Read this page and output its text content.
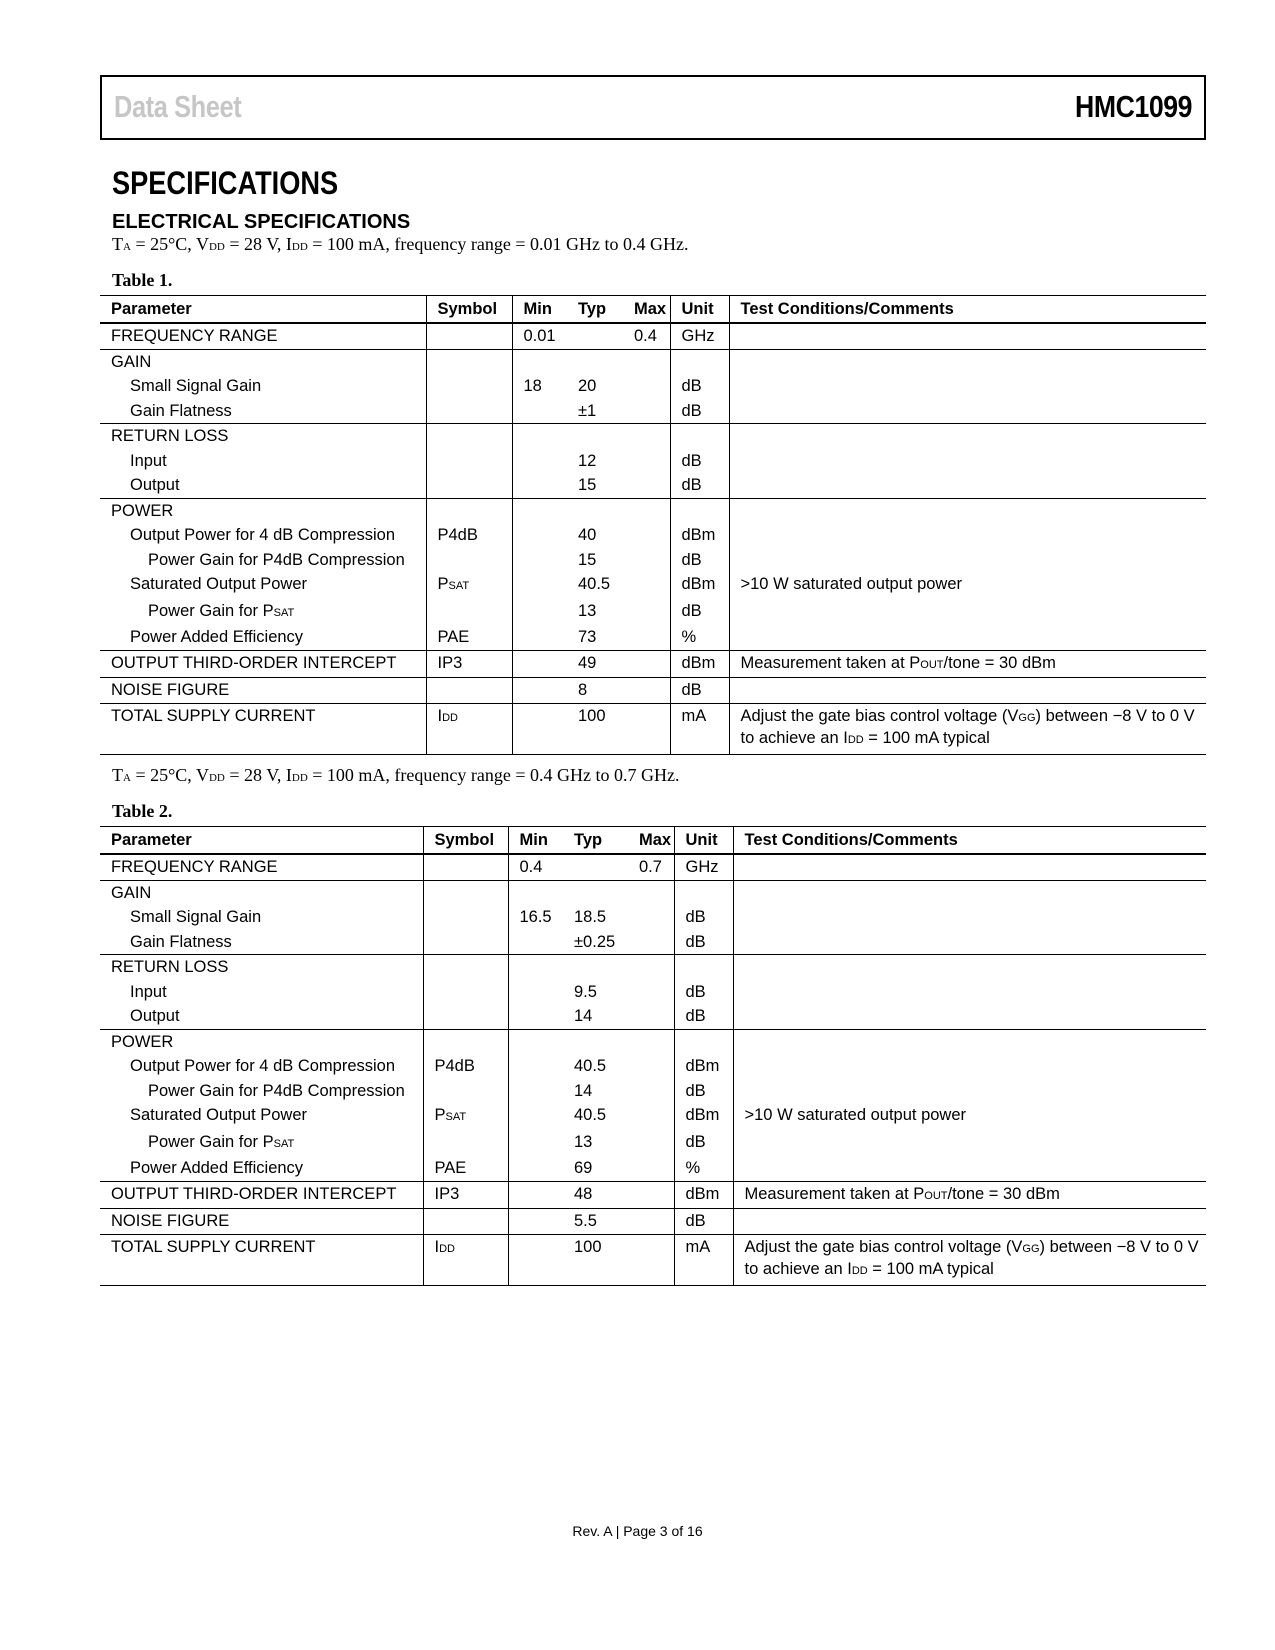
Data Sheet	HMC1099
SPECIFICATIONS
ELECTRICAL SPECIFICATIONS
TA = 25°C, VDD = 28 V, IDD = 100 mA, frequency range = 0.01 GHz to 0.4 GHz.
Table 1.
Parameter	Symbol	Min	Typ	Max	Unit	Test Conditions/Comments
FREQUENCY RANGE		0.01		0.4	GHz	
GAIN						
Small Signal Gain		18	20		dB	
Gain Flatness			±1		dB	
RETURN LOSS						
Input			12		dB	
Output			15		dB	
POWER						
Output Power for 4 dB Compression	P4dB		40		dBm	
Power Gain for P4dB Compression			15		dB	
Saturated Output Power	PSAT		40.5		dBm	>10 W saturated output power
Power Gain for PSAT			13		dB	
Power Added Efficiency	PAE		73		%	
OUTPUT THIRD-ORDER INTERCEPT	IP3		49		dBm	Measurement taken at POUT/tone = 30 dBm
NOISE FIGURE			8		dB	
TOTAL SUPPLY CURRENT	IDD		100		mA	Adjust the gate bias control voltage (VGG) between −8 V to 0 V to achieve an IDD = 100 mA typical
TA = 25°C, VDD = 28 V, IDD = 100 mA, frequency range = 0.4 GHz to 0.7 GHz.
Table 2.
Parameter	Symbol	Min	Typ	Max	Unit	Test Conditions/Comments
FREQUENCY RANGE		0.4		0.7	GHz	
GAIN						
Small Signal Gain		16.5	18.5		dB	
Gain Flatness			±0.25		dB	
RETURN LOSS						
Input			9.5		dB	
Output			14		dB	
POWER						
Output Power for 4 dB Compression	P4dB		40.5		dBm	
Power Gain for P4dB Compression			14		dB	
Saturated Output Power	PSAT		40.5		dBm	>10 W saturated output power
Power Gain for PSAT			13		dB	
Power Added Efficiency	PAE		69		%	
OUTPUT THIRD-ORDER INTERCEPT	IP3		48		dBm	Measurement taken at POUT/tone = 30 dBm
NOISE FIGURE			5.5		dB	
TOTAL SUPPLY CURRENT	IDD		100		mA	Adjust the gate bias control voltage (VGG) between −8 V to 0 V to achieve an IDD = 100 mA typical
Rev. A | Page 3 of 16
